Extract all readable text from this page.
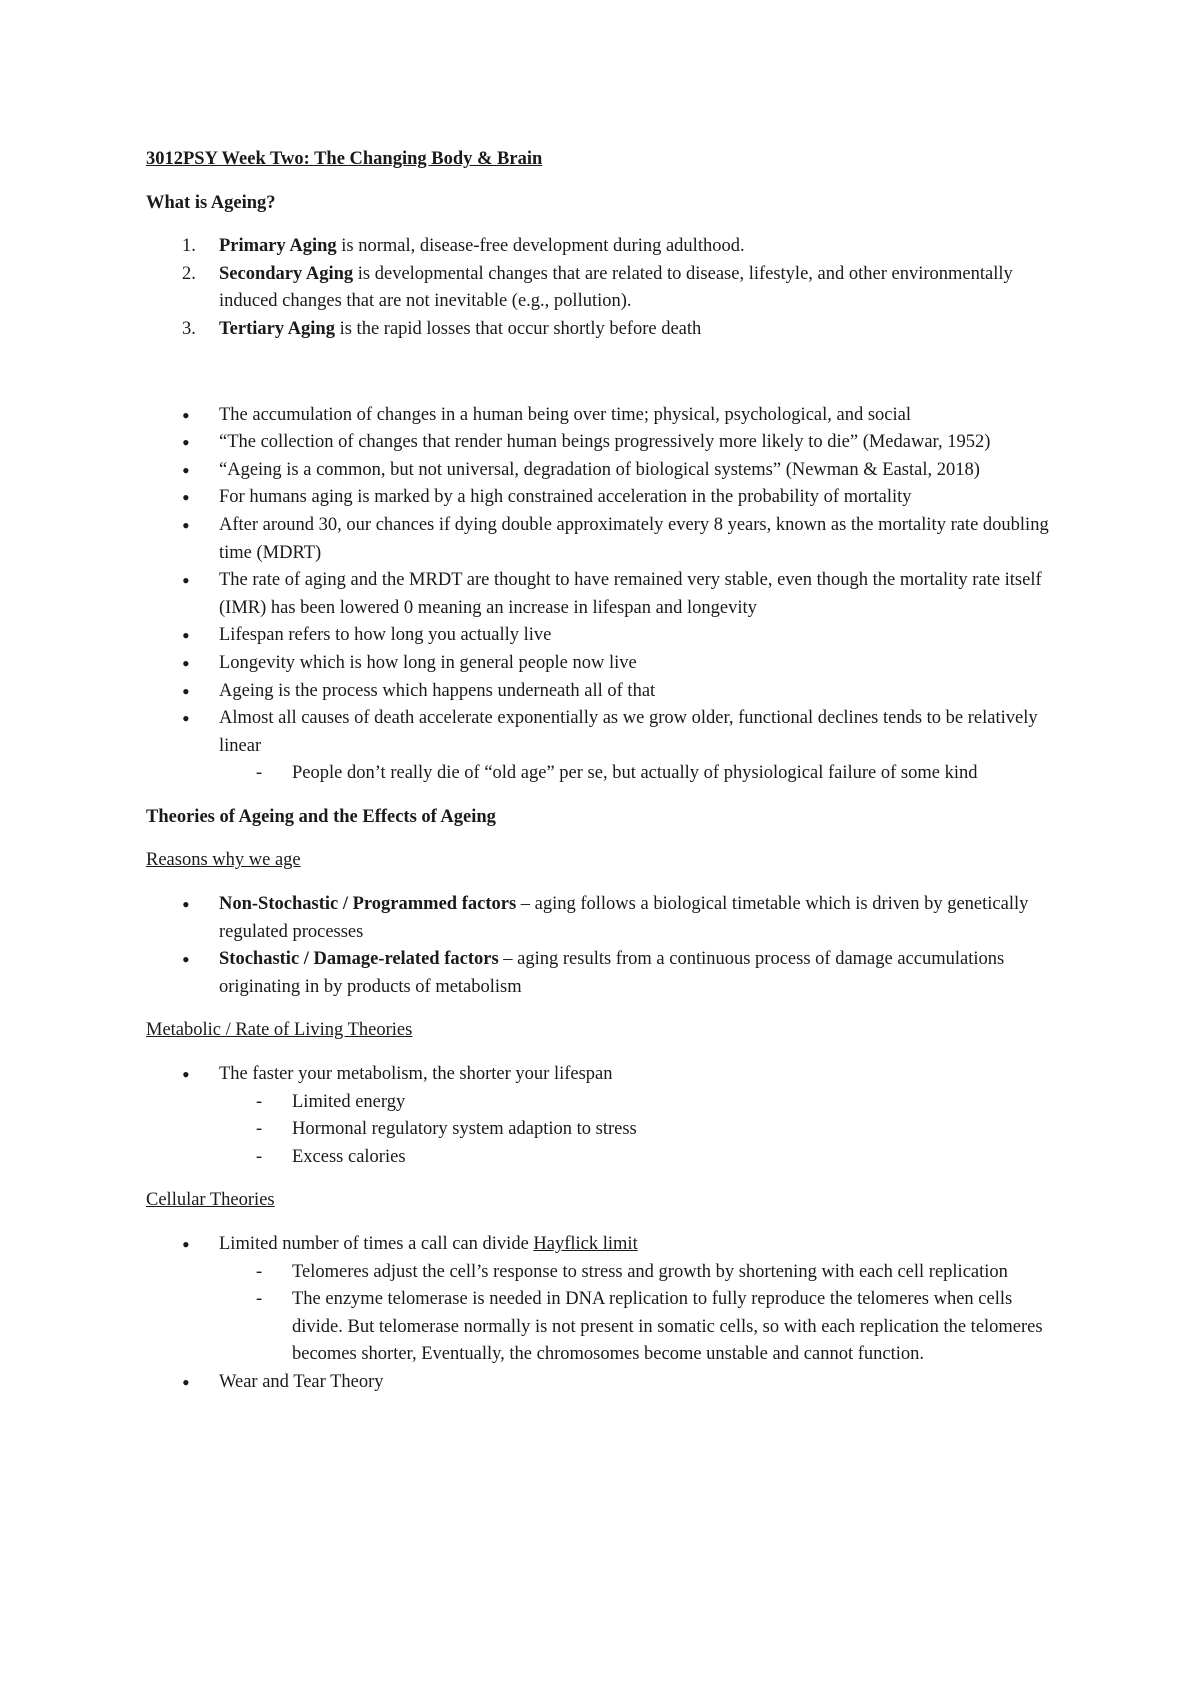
3012PSY Week Two: The Changing Body & Brain

What is Ageing?

1. Primary Aging is normal, disease-free development during adulthood.
2. Secondary Aging is developmental changes that are related to disease, lifestyle, and other environmentally induced changes that are not inevitable (e.g., pollution).
3. Tertiary Aging is the rapid losses that occur shortly before death
• The accumulation of changes in a human being over time; physical, psychological, and social
• “The collection of changes that render human beings progressively more likely to die” (Medawar, 1952)
• “Ageing is a common, but not universal, degradation of biological systems” (Newman & Eastal, 2018)
• For humans aging is marked by a high constrained acceleration in the probability of mortality
• After around 30, our chances if dying double approximately every 8 years, known as the mortality rate doubling time (MDRT)
• The rate of aging and the MRDT are thought to have remained very stable, even though the mortality rate itself (IMR) has been lowered 0 meaning an increase in lifespan and longevity
• Lifespan refers to how long you actually live
• Longevity which is how long in general people now live
• Ageing is the process which happens underneath all of that
• Almost all causes of death accelerate exponentially as we grow older, functional declines tends to be relatively linear
- People don’t really die of “old age” per se, but actually of physiological failure of some kind

Theories of Ageing and the Effects of Ageing

Reasons why we age

• Non-Stochastic / Programmed factors – aging follows a biological timetable which is driven by genetically regulated processes
• Stochastic / Damage-related factors – aging results from a continuous process of damage accumulations originating in by products of metabolism

Metabolic / Rate of Living Theories

• The faster your metabolism, the shorter your lifespan
- Limited energy
- Hormonal regulatory system adaption to stress
- Excess calories

Cellular Theories

• Limited number of times a call can divide Hayflick limit
- Telomeres adjust the cell’s response to stress and growth by shortening with each cell replication
- The enzyme telomerase is needed in DNA replication to fully reproduce the telomeres when cells divide. But telomerase normally is not present in somatic cells, so with each replication the telomeres becomes shorter, Eventually, the chromosomes become unstable and cannot function.
• Wear and Tear Theory
